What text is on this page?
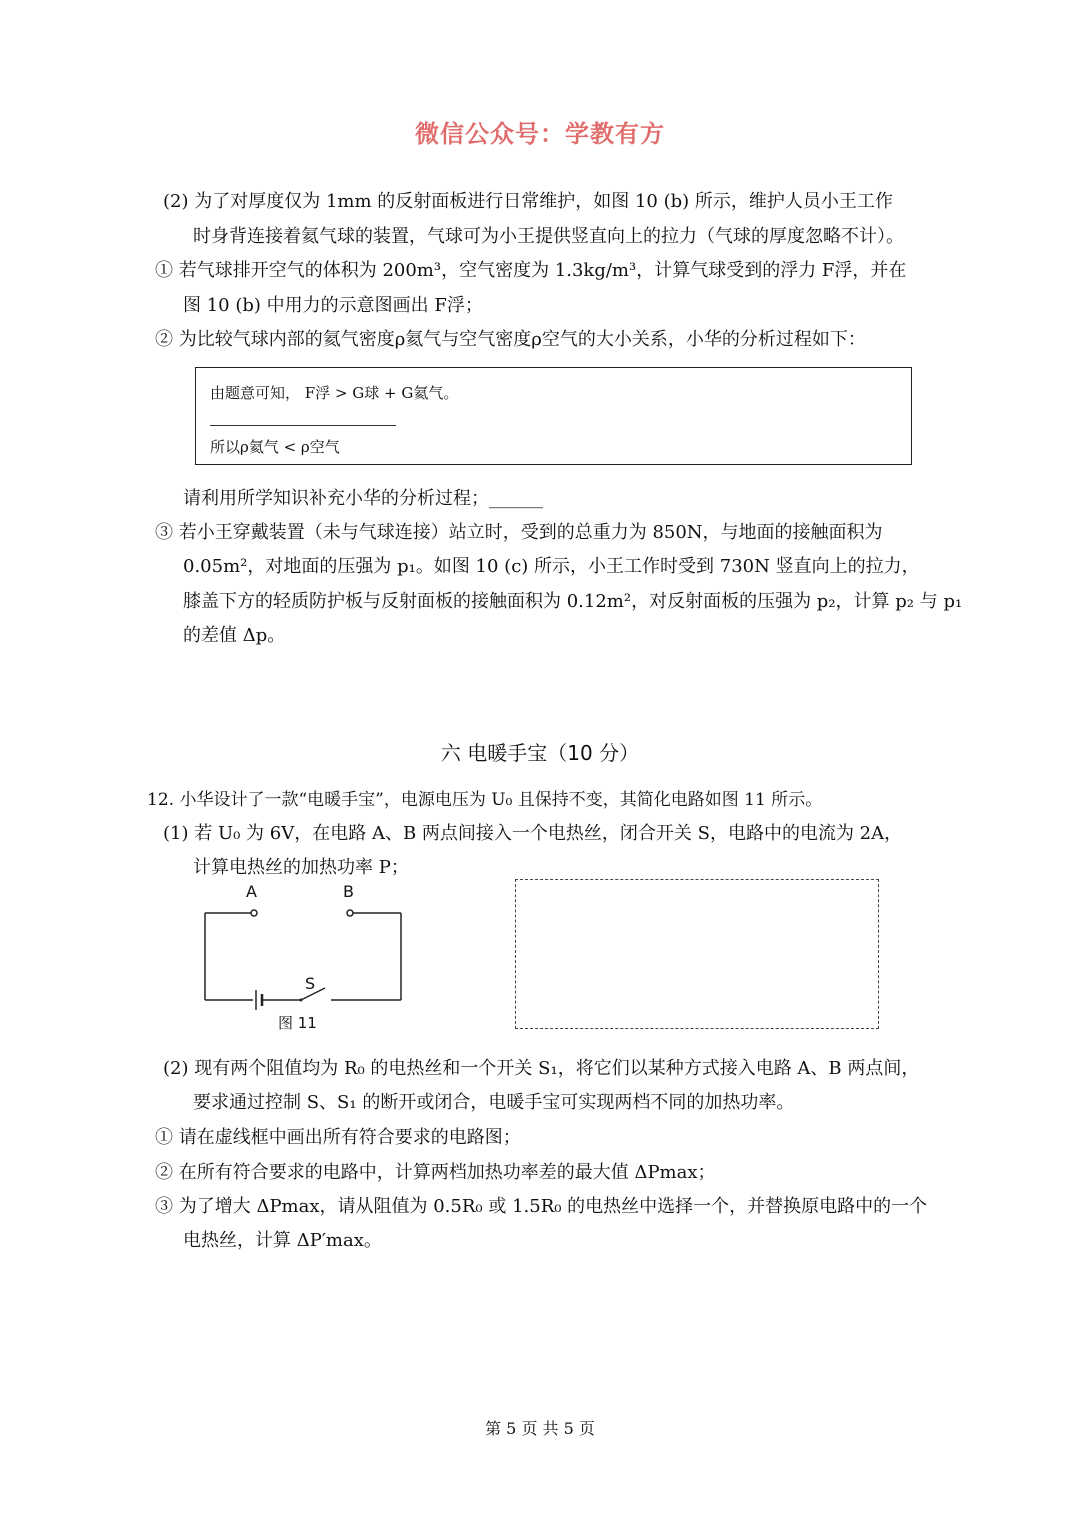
微信公众号：学教有方
(2) 为了对厚度仅为 1mm 的反射面板进行日常维护，如图 10 (b) 所示，维护人员小王工作
时身背连接着氦气球的装置，气球可为小王提供竖直向上的拉力（气球的厚度忽略不计）。
① 若气球排开空气的体积为 200m³，空气密度为 1.3kg/m³，计算气球受到的浮力 F浮，并在
图 10 (b) 中用力的示意图画出 F浮；
② 为比较气球内部的氦气密度ρ氦气与空气密度ρ空气的大小关系，小华的分析过程如下：
由题意可知， F浮 > G球 + G氦气。
所以ρ氦气 < ρ空气
请利用所学知识补充小华的分析过程；______
③ 若小王穿戴装置（未与气球连接）站立时，受到的总重力为 850N，与地面的接触面积为
0.05m²，对地面的压强为 p₁。如图 10 (c) 所示，小王工作时受到 730N 竖直向上的拉力，
膝盖下方的轻质防护板与反射面板的接触面积为 0.12m²，对反射面板的压强为 p₂，计算 p₂ 与 p₁
的差值 Δp。
六 电暖手宝（10 分）
12. 小华设计了一款“电暖手宝”，电源电压为 U₀ 且保持不变，其简化电路如图 11 所示。
(1) 若 U₀ 为 6V，在电路 A、B 两点间接入一个电热丝，闭合开关 S，电路中的电流为 2A，
计算电热丝的加热功率 P；
A	B
S
图 11
(2) 现有两个阻值均为 R₀ 的电热丝和一个开关 S₁，将它们以某种方式接入电路 A、B 两点间，
要求通过控制 S、S₁ 的断开或闭合，电暖手宝可实现两档不同的加热功率。
① 请在虚线框中画出所有符合要求的电路图；
② 在所有符合要求的电路中，计算两档加热功率差的最大值 ΔPmax；
③ 为了增大 ΔPmax，请从阻值为 0.5R₀ 或 1.5R₀ 的电热丝中选择一个，并替换原电路中的一个
电热丝，计算 ΔP′max。
第 5 页 共 5 页
